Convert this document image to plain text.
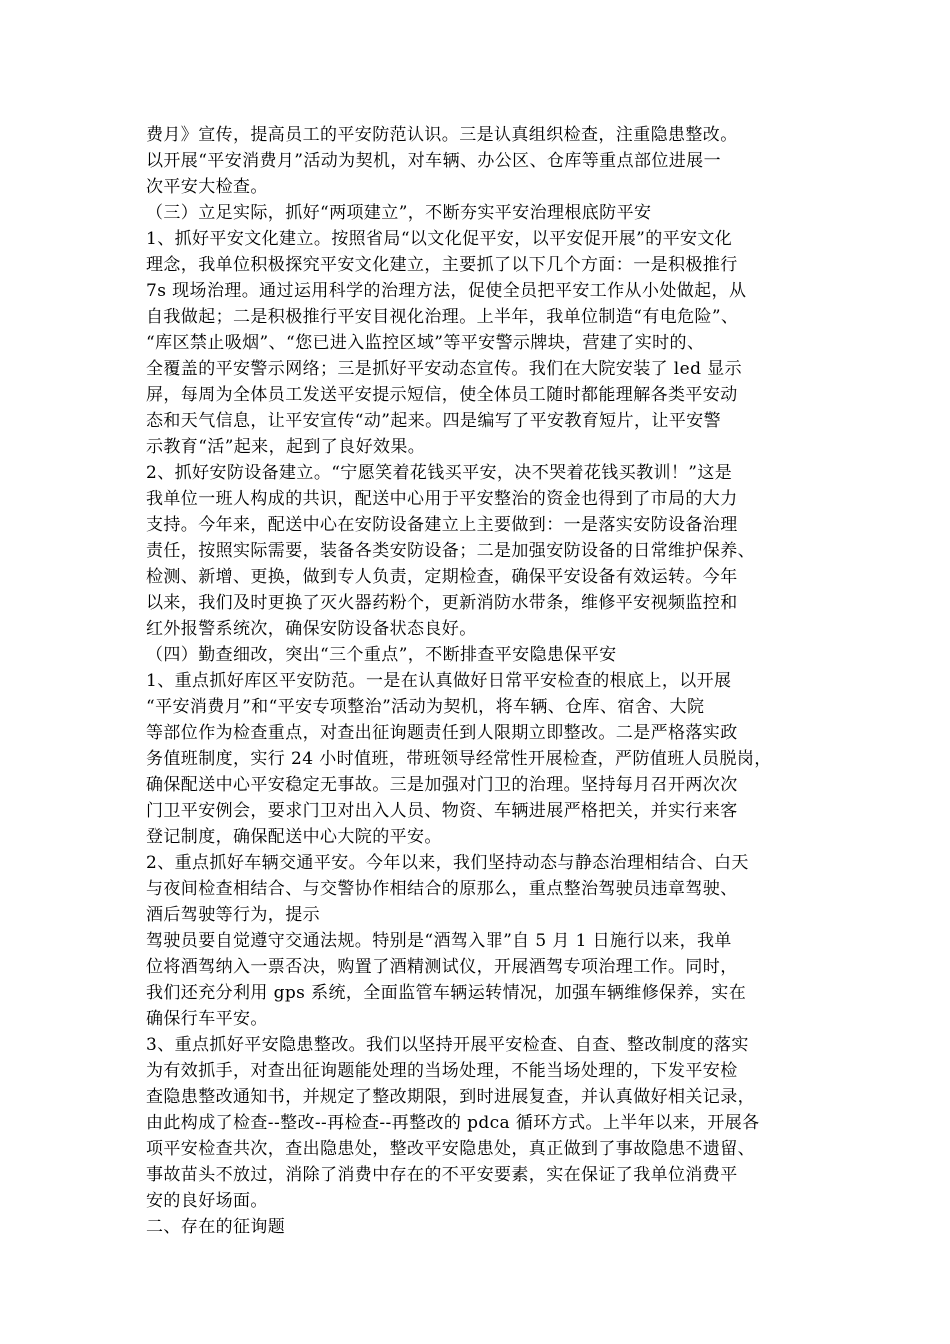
费月》宣传，提高员工的平安防范认识。三是认真组织检查，注重隐患整改。
以开展“平安消费月”活动为契机，对车辆、办公区、仓库等重点部位进展一
次平安大检查。
（三）立足实际，抓好“两项建立”，不断夯实平安治理根底防平安
1、抓好平安文化建立。按照省局“以文化促平安，以平安促开展”的平安文化
理念，我单位积极探究平安文化建立，主要抓了以下几个方面：一是积极推行
7s 现场治理。通过运用科学的治理方法，促使全员把平安工作从小处做起，从
自我做起；二是积极推行平安目视化治理。上半年，我单位制造“有电危险”、
“库区禁止吸烟”、“您已进入监控区域”等平安警示牌块，营建了实时的、
全覆盖的平安警示网络；三是抓好平安动态宣传。我们在大院安装了 led 显示
屏，每周为全体员工发送平安提示短信，使全体员工随时都能理解各类平安动
态和天气信息，让平安宣传“动”起来。四是编写了平安教育短片，让平安警
示教育“活”起来，起到了良好效果。
2、抓好安防设备建立。“宁愿笑着花钱买平安，决不哭着花钱买教训！”这是
我单位一班人构成的共识，配送中心用于平安整治的资金也得到了市局的大力
支持。今年来，配送中心在安防设备建立上主要做到：一是落实安防设备治理
责任，按照实际需要，装备各类安防设备；二是加强安防设备的日常维护保养、
检测、新增、更换，做到专人负责，定期检查，确保平安设备有效运转。今年
以来，我们及时更换了灭火器药粉个，更新消防水带条，维修平安视频监控和
红外报警系统次，确保安防设备状态良好。
（四）勤查细改，突出“三个重点”，不断排查平安隐患保平安
1、重点抓好库区平安防范。一是在认真做好日常平安检查的根底上，以开展
“平安消费月”和“平安专项整治”活动为契机，将车辆、仓库、宿舍、大院
等部位作为检查重点，对查出征询题责任到人限期立即整改。二是严格落实政
务值班制度，实行 24 小时值班，带班领导经常性开展检查，严防值班人员脱岗，
确保配送中心平安稳定无事故。三是加强对门卫的治理。坚持每月召开两次次
门卫平安例会，要求门卫对出入人员、物资、车辆进展严格把关，并实行来客
登记制度，确保配送中心大院的平安。
2、重点抓好车辆交通平安。今年以来，我们坚持动态与静态治理相结合、白天
与夜间检查相结合、与交警协作相结合的原那么，重点整治驾驶员违章驾驶、
酒后驾驶等行为，提示
驾驶员要自觉遵守交通法规。特别是“酒驾入罪”自 5 月 1 日施行以来，我单
位将酒驾纳入一票否决，购置了酒精测试仪，开展酒驾专项治理工作。同时，
我们还充分利用 gps 系统，全面监管车辆运转情况，加强车辆维修保养，实在
确保行车平安。
3、重点抓好平安隐患整改。我们以坚持开展平安检查、自查、整改制度的落实
为有效抓手，对查出征询题能处理的当场处理，不能当场处理的，下发平安检
查隐患整改通知书，并规定了整改期限，到时进展复查，并认真做好相关记录，
由此构成了检查--整改--再检查--再整改的 pdca 循环方式。上半年以来，开展各
项平安检查共次，查出隐患处，整改平安隐患处，真正做到了事故隐患不遗留、
事故苗头不放过，消除了消费中存在的不平安要素，实在保证了我单位消费平
安的良好场面。
二、存在的征询题
